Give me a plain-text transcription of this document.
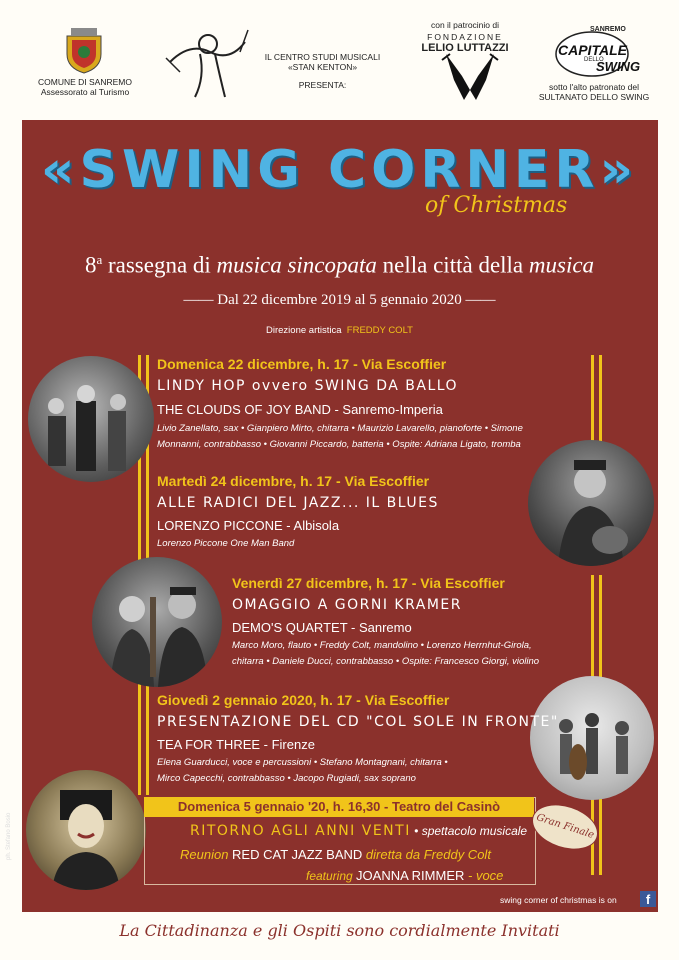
COMUNE DI SANREMO
Assessorato al Turismo
IL CENTRO STUDI MUSICALI
«STAN KENTON»
PRESENTA:
con il patrocinio di
FONDAZIONE
LELIO LUTTAZZI
SANREMO
CAPITALE
DELLO
SWING
sotto l'alto patronato del
SULTANATO DELLO SWING
«SWING CORNER»
of Christmas
8$^a$ rassegna di musica sincopata nella città della musica
—— Dal 22 dicembre 2019 al 5 gennaio 2020 ——
Direzione artistica FREDDY COLT
Domenica 22 dicembre, h. 17 - Via Escoffier
LINDY HOP ovvero SWING DA BALLO
THE CLOUDS OF JOY BAND - Sanremo-Imperia
Livio Zanellato, sax • Gianpiero Mirto, chitarra • Maurizio Lavarello, pianoforte • Simone
Monnanni, contrabbasso • Giovanni Piccardo, batteria • Ospite: Adriana Ligato, tromba
Martedì 24 dicembre, h. 17 - Via Escoffier
ALLE RADICI DEL JAZZ... IL BLUES
LORENZO PICCONE - Albisola
Lorenzo Piccone One Man Band
Venerdì 27 dicembre, h. 17 - Via Escoffier
OMAGGIO A GORNI KRAMER
DEMO'S QUARTET - Sanremo
Marco Moro, flauto • Freddy Colt, mandolino • Lorenzo Herrnhut-Girola,
chitarra • Daniele Ducci, contrabbasso • Ospite: Francesco Giorgi, violino
Giovedì 2 gennaio 2020, h. 17 - Via Escoffier
PRESENTAZIONE DEL CD "COL SOLE IN FRONTE"
TEA FOR THREE - Firenze
Elena Guarducci, voce e percussioni • Stefano Montagnani, chitarra •
Mirco Capecchi, contrabbasso • Jacopo Rugiadi, sax soprano
ph. Stefano Bosio
Domenica 5 gennaio '20, h. 16,30 - Teatro del Casinò
RITORNO AGLI ANNI VENTI • spettacolo musicale
Reunion RED CAT JAZZ BAND diretta da Freddy Colt
featuring JOANNA RIMMER - voce
Gran Finale
swing corner of christmas is on	f
La Cittadinanza e gli Ospiti sono cordialmente Invitati
